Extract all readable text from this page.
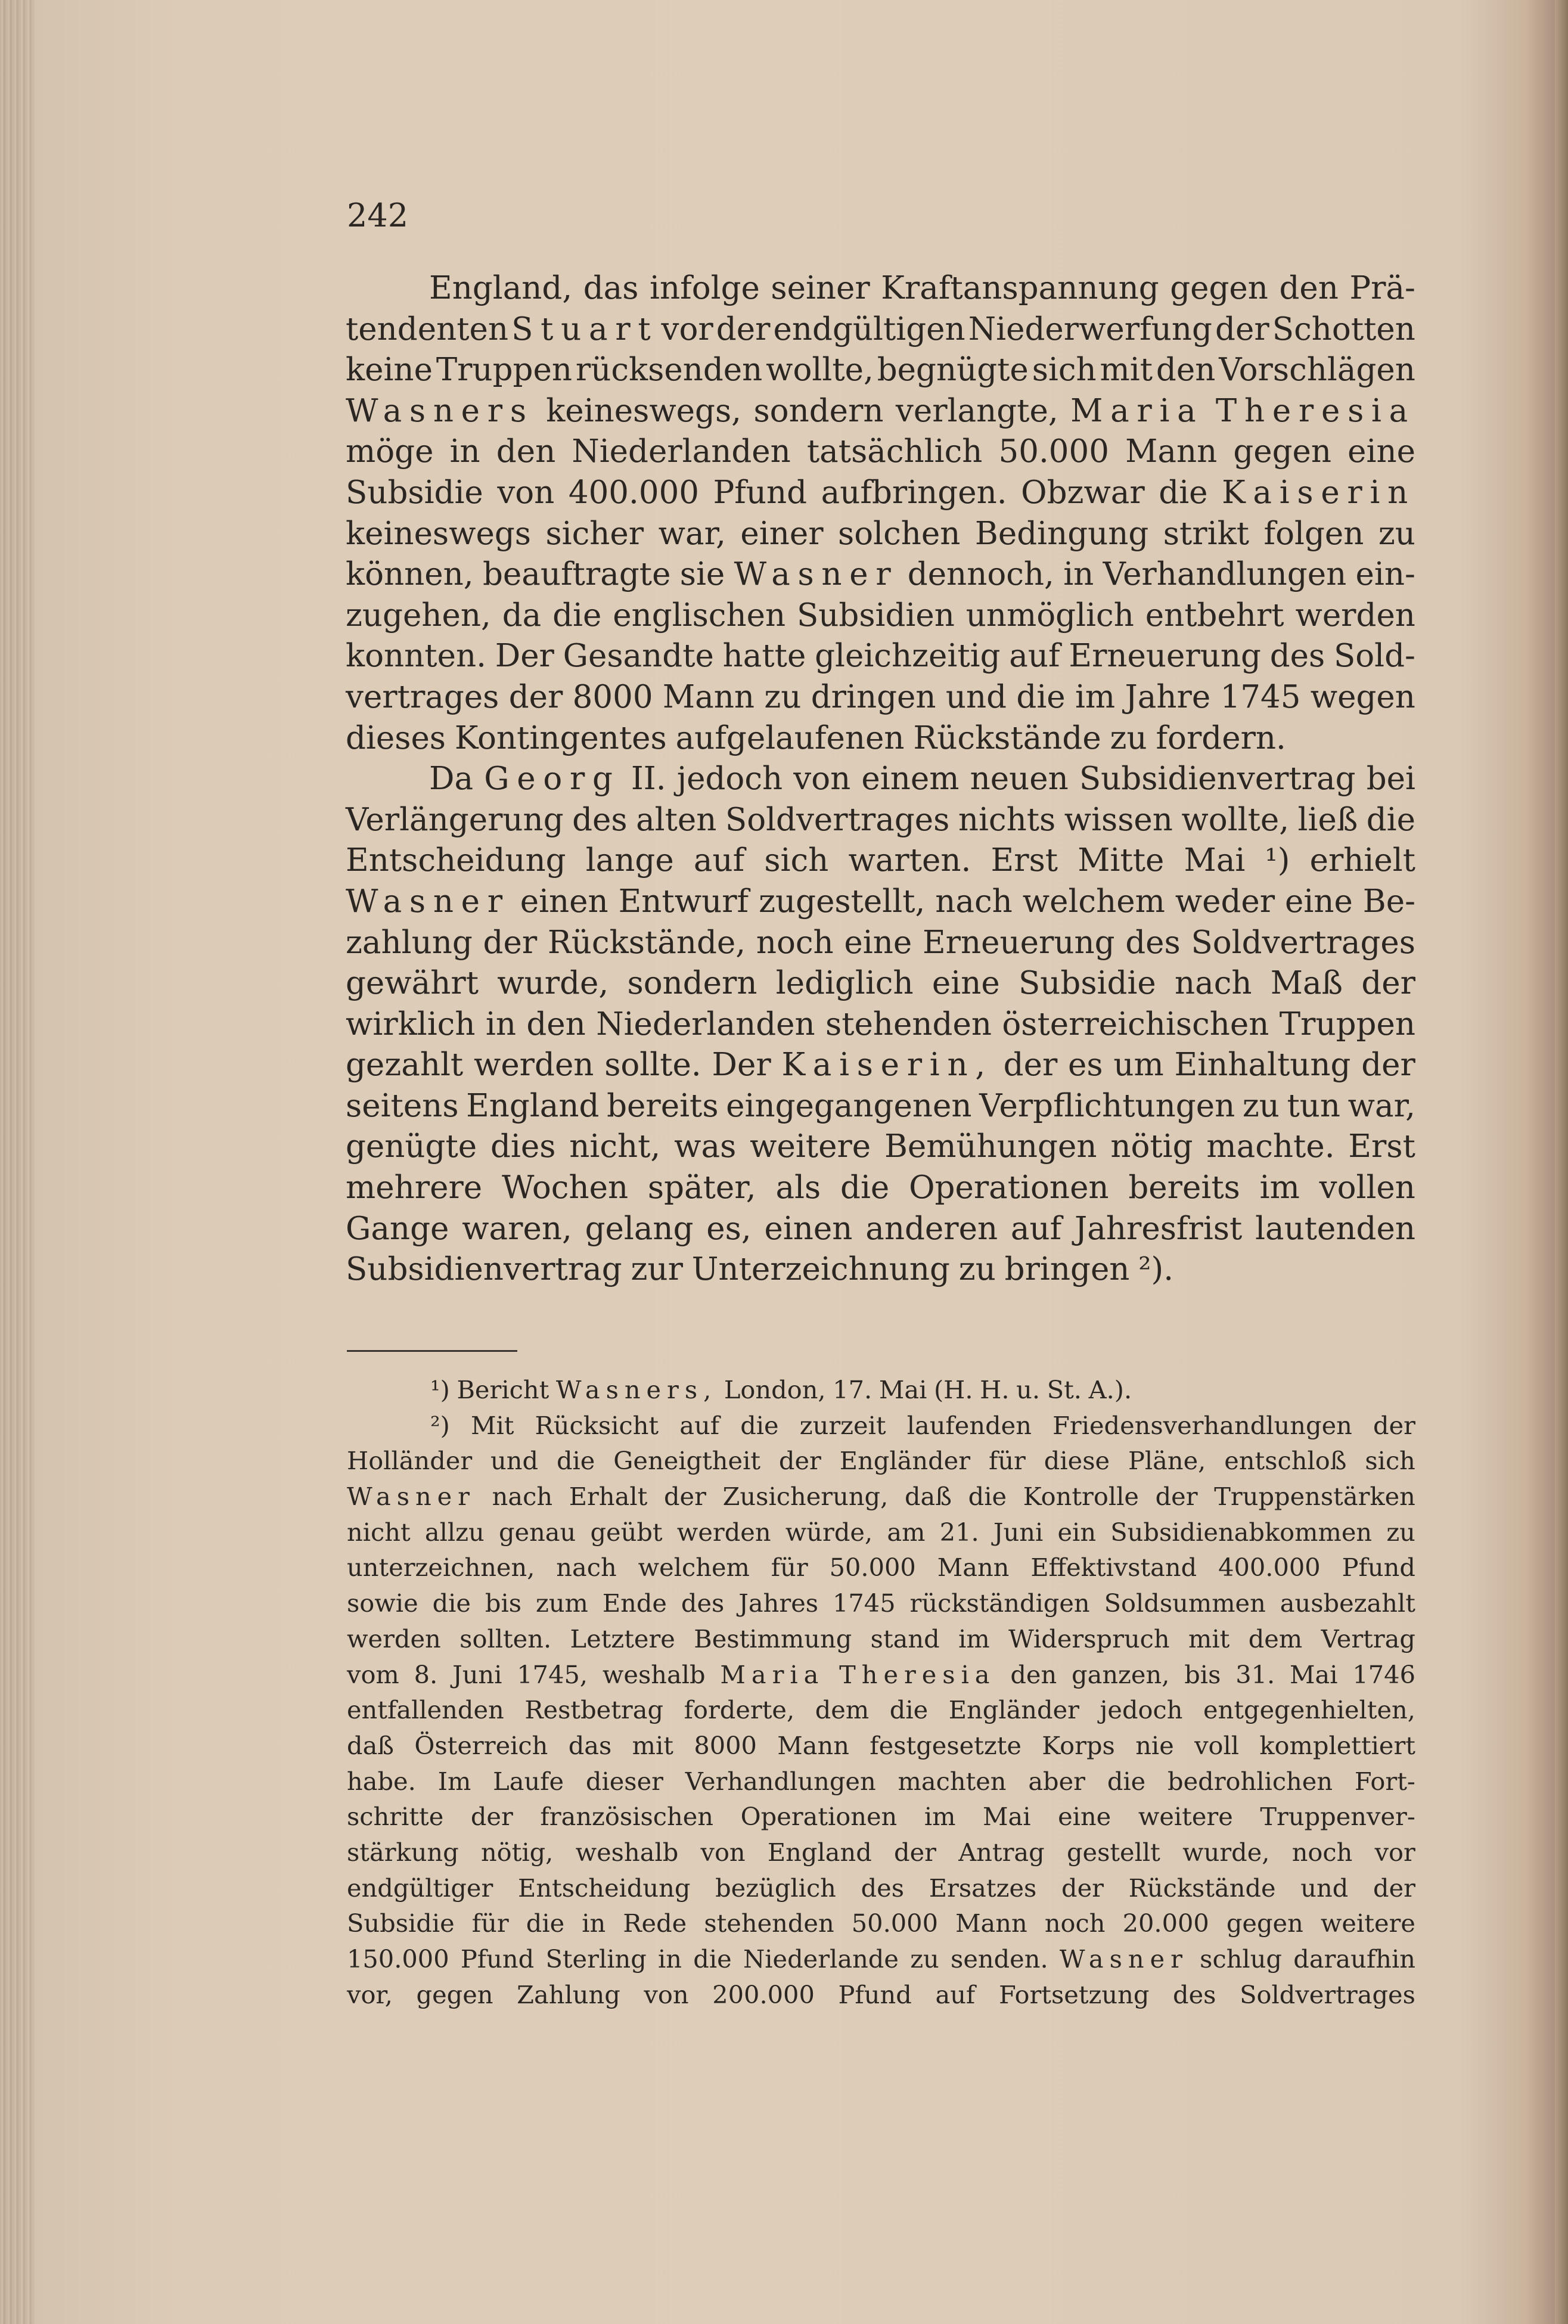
242
England, das infolge seiner Kraftanspannung gegen den Prä-
tendenten Stuart vor der endgültigen Niederwerfung der Schotten
keine Truppen rücksenden wollte, begnügte sich mit den Vorschlägen
Wasners keineswegs, sondern verlangte, Maria Theresia
möge in den Niederlanden tatsächlich 50.000 Mann gegen eine
Subsidie von 400.000 Pfund aufbringen. Obzwar die Kaiserin
keineswegs sicher war, einer solchen Bedingung strikt folgen zu
können, beauftragte sie Wasner dennoch, in Verhandlungen ein-
zugehen, da die englischen Subsidien unmöglich entbehrt werden
konnten. Der Gesandte hatte gleichzeitig auf Erneuerung des Sold-
vertrages der 8000 Mann zu dringen und die im Jahre 1745 wegen
dieses Kontingentes aufgelaufenen Rückstände zu fordern.
Da Georg II. jedoch von einem neuen Subsidienvertrag bei
Verlängerung des alten Soldvertrages nichts wissen wollte, ließ die
Entscheidung lange auf sich warten. Erst Mitte Mai ¹) erhielt
Wasner einen Entwurf zugestellt, nach welchem weder eine Be-
zahlung der Rückstände, noch eine Erneuerung des Soldvertrages
gewährt wurde, sondern lediglich eine Subsidie nach Maß der
wirklich in den Niederlanden stehenden österreichischen Truppen
gezahlt werden sollte. Der Kaiserin, der es um Einhaltung der
seitens England bereits eingegangenen Verpflichtungen zu tun war,
genügte dies nicht, was weitere Bemühungen nötig machte. Erst
mehrere Wochen später, als die Operationen bereits im vollen
Gange waren, gelang es, einen anderen auf Jahresfrist lautenden
Subsidienvertrag zur Unterzeichnung zu bringen ²).
¹) Bericht Wasners, London, 17. Mai (H. H. u. St. A.).
²) Mit Rücksicht auf die zurzeit laufenden Friedensverhandlungen der
Holländer und die Geneigtheit der Engländer für diese Pläne, entschloß sich
Wasner nach Erhalt der Zusicherung, daß die Kontrolle der Truppenstärken
nicht allzu genau geübt werden würde, am 21. Juni ein Subsidienabkommen zu
unterzeichnen, nach welchem für 50.000 Mann Effektivstand 400.000 Pfund
sowie die bis zum Ende des Jahres 1745 rückständigen Soldsummen ausbezahlt
werden sollten. Letztere Bestimmung stand im Widerspruch mit dem Vertrag
vom 8. Juni 1745, weshalb Maria Theresia den ganzen, bis 31. Mai 1746
entfallenden Restbetrag forderte, dem die Engländer jedoch entgegenhielten,
daß Österreich das mit 8000 Mann festgesetzte Korps nie voll komplettiert
habe. Im Laufe dieser Verhandlungen machten aber die bedrohlichen Fort-
schritte der französischen Operationen im Mai eine weitere Truppenver-
stärkung nötig, weshalb von England der Antrag gestellt wurde, noch vor
endgültiger Entscheidung bezüglich des Ersatzes der Rückstände und der
Subsidie für die in Rede stehenden 50.000 Mann noch 20.000 gegen weitere
150.000 Pfund Sterling in die Niederlande zu senden. Wasner schlug daraufhin
vor, gegen Zahlung von 200.000 Pfund auf Fortsetzung des Soldvertrages
